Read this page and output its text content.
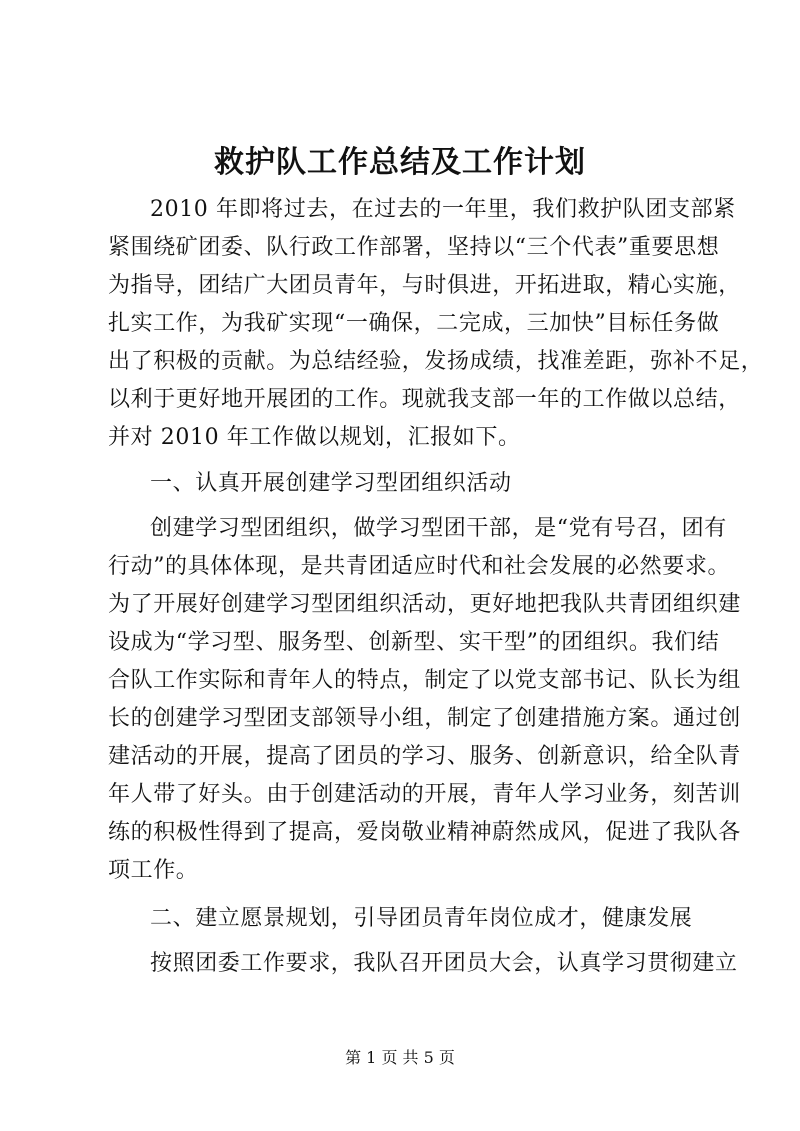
救护队工作总结及工作计划
2010 年即将过去，在过去的一年里，我们救护队团支部紧
紧围绕矿团委、队行政工作部署，坚持以“三个代表”重要思想
为指导，团结广大团员青年，与时俱进，开拓进取，精心实施，
扎实工作，为我矿实现“一确保，二完成，三加快”目标任务做
出了积极的贡献。为总结经验，发扬成绩，找准差距，弥补不足，
以利于更好地开展团的工作。现就我支部一年的工作做以总结，
并对 2010 年工作做以规划，汇报如下。
一、认真开展创建学习型团组织活动
创建学习型团组织，做学习型团干部，是“党有号召，团有
行动”的具体体现，是共青团适应时代和社会发展的必然要求。
为了开展好创建学习型团组织活动，更好地把我队共青团组织建
设成为“学习型、服务型、创新型、实干型”的团组织。我们结
合队工作实际和青年人的特点，制定了以党支部书记、队长为组
长的创建学习型团支部领导小组，制定了创建措施方案。通过创
建活动的开展，提高了团员的学习、服务、创新意识，给全队青
年人带了好头。由于创建活动的开展，青年人学习业务，刻苦训
练的积极性得到了提高，爱岗敬业精神蔚然成风，促进了我队各
项工作。
二、建立愿景规划，引导团员青年岗位成才，健康发展
按照团委工作要求，我队召开团员大会，认真学习贯彻建立
第 1 页 共 5 页
